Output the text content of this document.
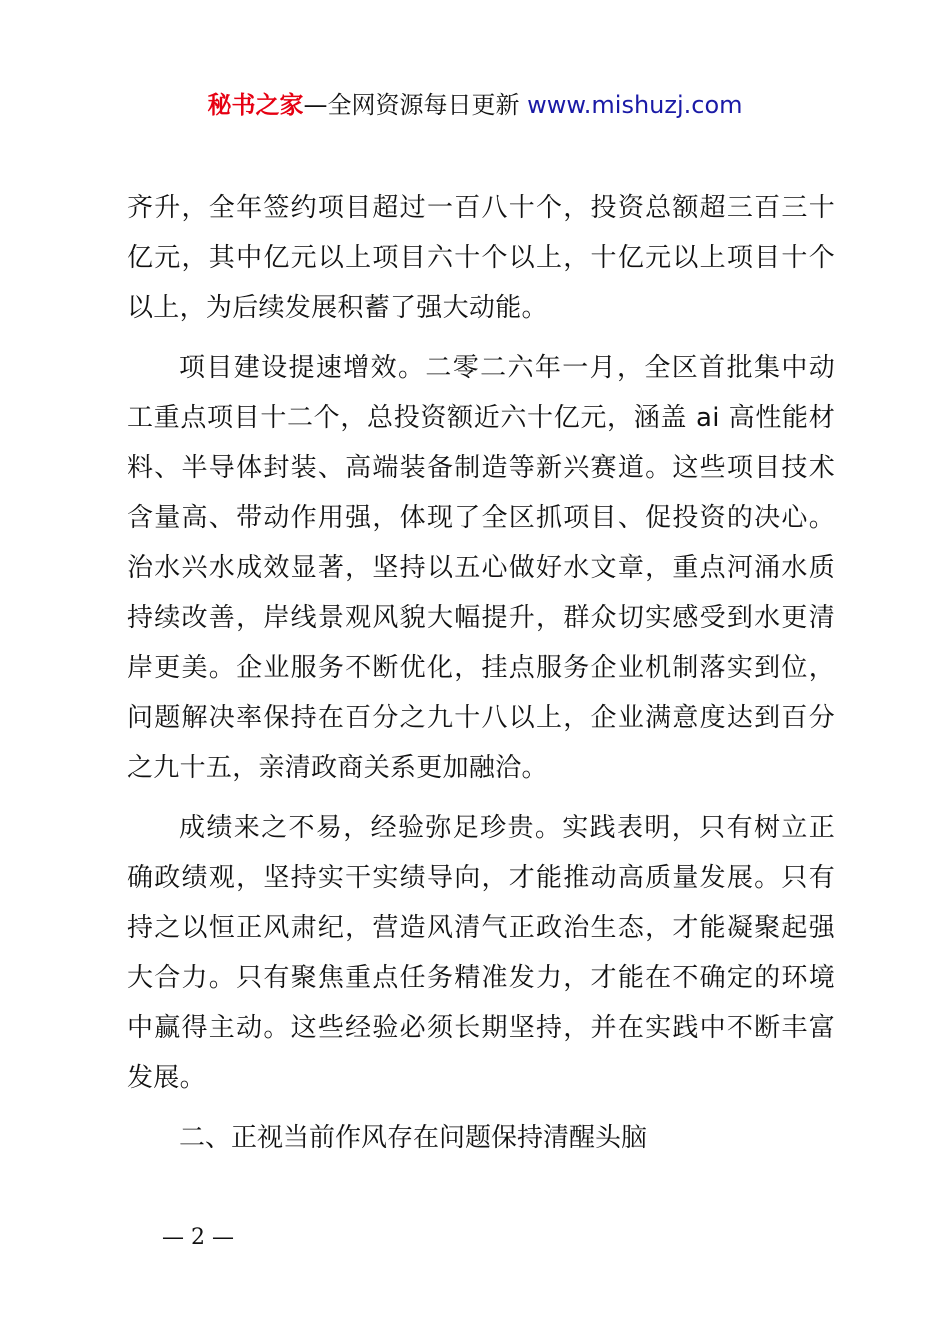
秘书之家—全网资源每日更新 www.mishuzj.com

齐升，全年签约项目超过一百八十个，投资总额超三百三十亿元，其中亿元以上项目六十个以上，十亿元以上项目十个以上，为后续发展积蓄了强大动能。

项目建设提速增效。二零二六年一月，全区首批集中动工重点项目十二个，总投资额近六十亿元，涵盖 ai 高性能材料、半导体封装、高端装备制造等新兴赛道。这些项目技术含量高、带动作用强，体现了全区抓项目、促投资的决心。治水兴水成效显著，坚持以五心做好水文章，重点河涌水质持续改善，岸线景观风貌大幅提升，群众切实感受到水更清岸更美。企业服务不断优化，挂点服务企业机制落实到位，问题解决率保持在百分之九十八以上，企业满意度达到百分之九十五，亲清政商关系更加融洽。

成绩来之不易，经验弥足珍贵。实践表明，只有树立正确政绩观，坚持实干实绩导向，才能推动高质量发展。只有持之以恒正风肃纪，营造风清气正政治生态，才能凝聚起强大合力。只有聚焦重点任务精准发力，才能在不确定的环境中赢得主动。这些经验必须长期坚持，并在实践中不断丰富发展。

二、正视当前作风存在问题保持清醒头脑

— 2 —
